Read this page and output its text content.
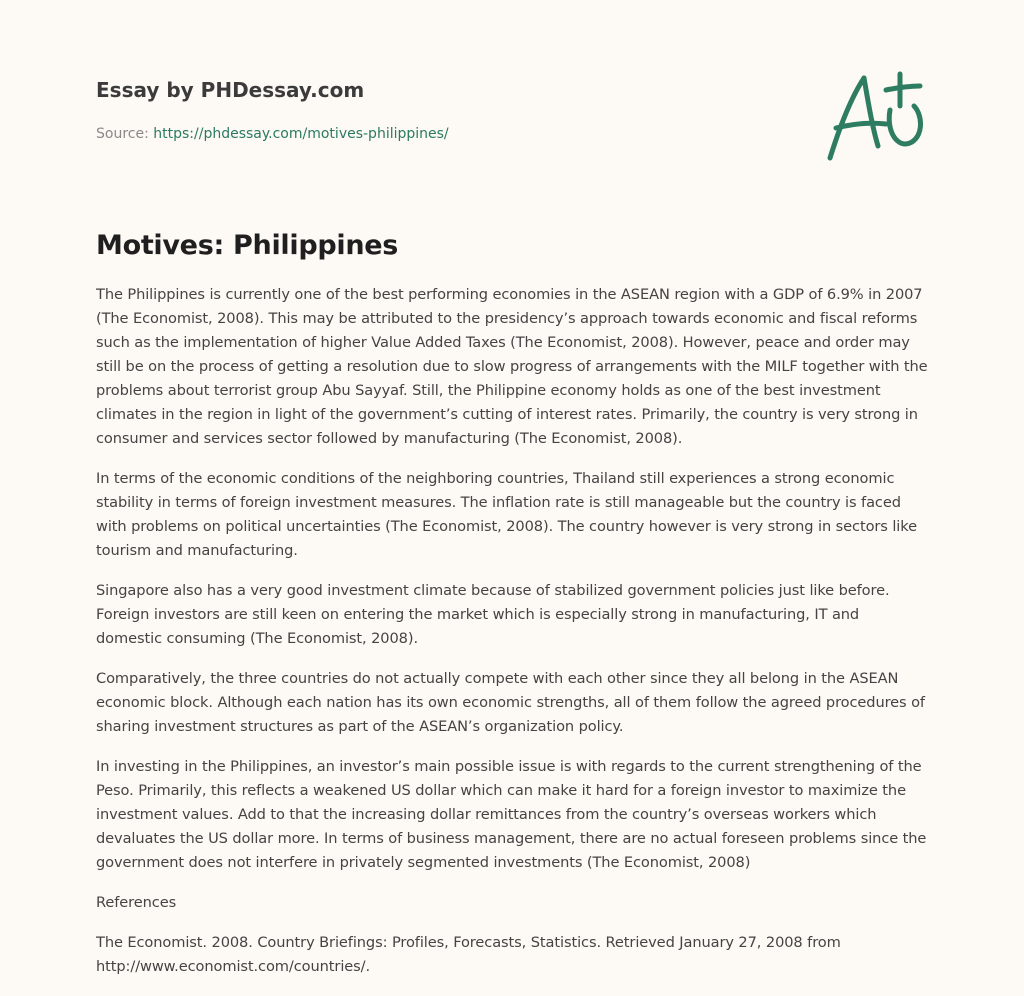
Essay by PHDessay.com
Source: https://phdessay.com/motives-philippines/
Motives: Philippines

The Philippines is currently one of the best performing economies in the ASEAN region with a GDP of 6.9% in 2007 (The Economist, 2008). This may be attributed to the presidency’s approach towards economic and fiscal reforms such as the implementation of higher Value Added Taxes (The Economist, 2008). However, peace and order may still be on the process of getting a resolution due to slow progress of arrangements with the MILF together with the problems about terrorist group Abu Sayyaf. Still, the Philippine economy holds as one of the best investment climates in the region in light of the government’s cutting of interest rates. Primarily, the country is very strong in consumer and services sector followed by manufacturing (The Economist, 2008).

In terms of the economic conditions of the neighboring countries, Thailand still experiences a strong economic stability in terms of foreign investment measures. The inflation rate is still manageable but the country is faced with problems on political uncertainties (The Economist, 2008). The country however is very strong in sectors like tourism and manufacturing.

Singapore also has a very good investment climate because of stabilized government policies just like before. Foreign investors are still keen on entering the market which is especially strong in manufacturing, IT and domestic consuming (The Economist, 2008).

Comparatively, the three countries do not actually compete with each other since they all belong in the ASEAN economic block. Although each nation has its own economic strengths, all of them follow the agreed procedures of sharing investment structures as part of the ASEAN’s organization policy.

In investing in the Philippines, an investor’s main possible issue is with regards to the current strengthening of the Peso. Primarily, this reflects a weakened US dollar which can make it hard for a foreign investor to maximize the investment values. Add to that the increasing dollar remittances from the country’s overseas workers which devaluates the US dollar more. In terms of business management, there are no actual foreseen problems since the government does not interfere in privately segmented investments (The Economist, 2008)

References

The Economist. 2008. Country Briefings: Profiles, Forecasts, Statistics. Retrieved January 27, 2008 from http://www.economist.com/countries/.
